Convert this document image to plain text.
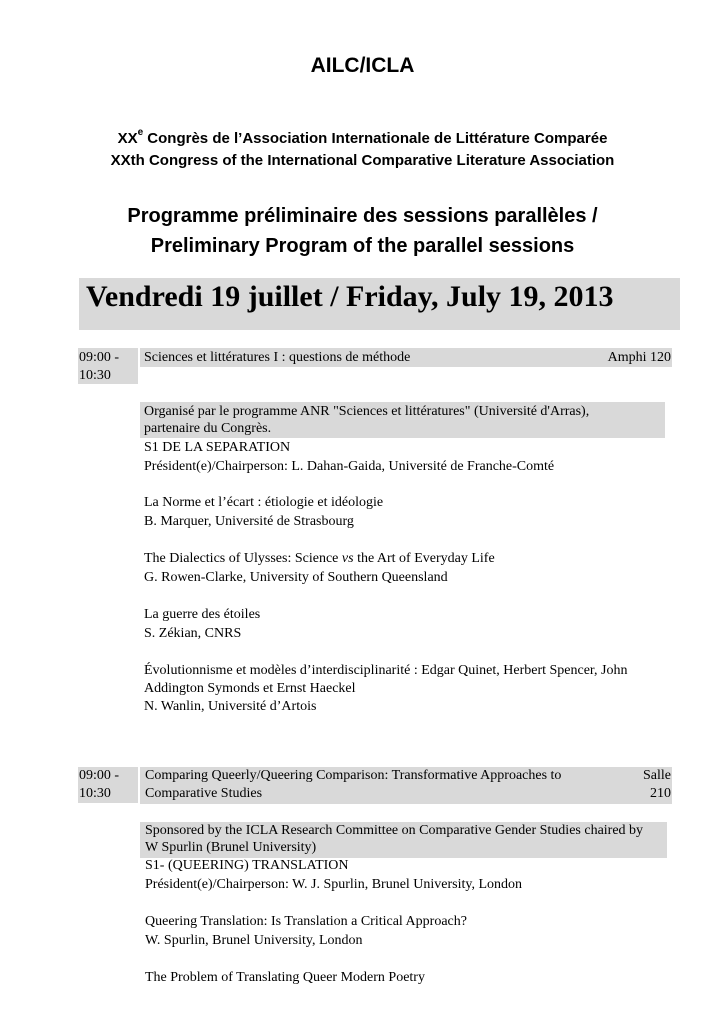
AILC/ICLA
XXe Congrès de l’Association Internationale de Littérature Comparée
XXth Congress of the International Comparative Literature Association
Programme préliminaire des sessions parallèles /
Preliminary Program of the parallel sessions
Vendredi 19 juillet / Friday, July 19, 2013
09:00 -
10:30
Sciences et littératures I : questions de méthode	Amphi 120
Organisé par le programme ANR "Sciences et littératures" (Université d'Arras),
partenaire du Congrès.
S1 DE LA SEPARATION
Président(e)/Chairperson: L. Dahan-Gaida, Université de Franche-Comté
La Norme et l’écart : étiologie et idéologie
B. Marquer, Université de Strasbourg
The Dialectics of Ulysses: Science vs the Art of Everyday Life
G. Rowen-Clarke, University of Southern Queensland
La guerre des étoiles
S. Zékian, CNRS
Évolutionnisme et modèles d’interdisciplinarité : Edgar Quinet, Herbert Spencer, John
Addington Symonds et Ernst Haeckel
N. Wanlin, Université d’Artois
09:00 -
10:30
Comparing Queerly/Queering Comparison: Transformative Approaches to
Comparative Studies
Salle
210
Sponsored by the ICLA Research Committee on Comparative Gender Studies chaired by
W Spurlin (Brunel University)
S1- (QUEERING) TRANSLATION
Président(e)/Chairperson: W. J. Spurlin, Brunel University, London
Queering Translation: Is Translation a Critical Approach?
W. Spurlin, Brunel University, London
The Problem of Translating Queer Modern Poetry
